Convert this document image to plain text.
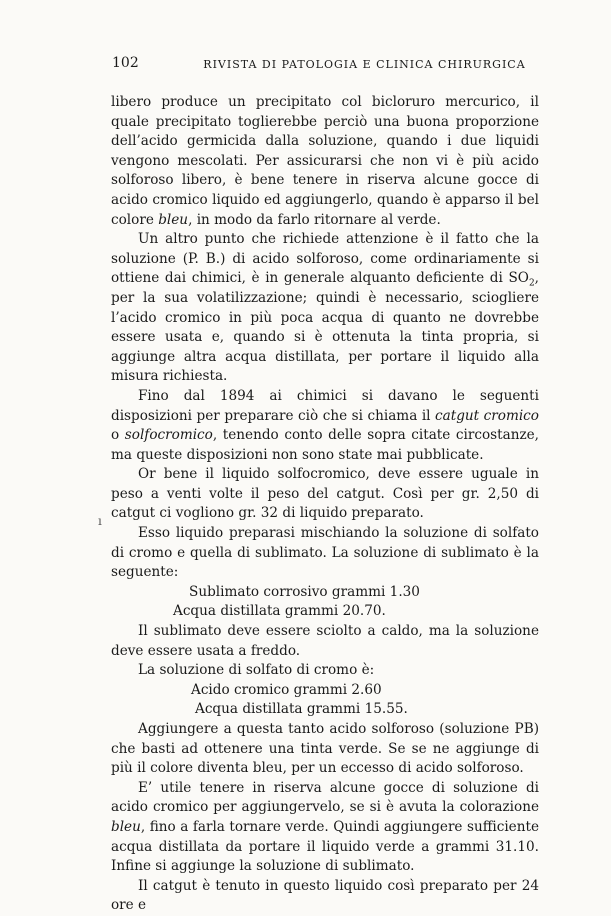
102	RIVISTA DI PATOLOGIA E CLINICA CHIRURGICA
ı

libero produce un precipitato col bicloruro mercurico, il quale precipitato toglierebbe perciò una buona proporzione dell’acido germicida dalla soluzione, quando i due liquidi vengono mescolati. Per assicurarsi che non vi è più acido solforoso libero, è bene tenere in riserva alcune gocce di acido cromico liquido ed aggiungerlo, quando è apparso il bel colore bleu, in modo da farlo ritornare al verde.

Un altro punto che richiede attenzione è il fatto che la soluzione (P. B.) di acido solforoso, come ordinariamente si ottiene dai chimici, è in generale alquanto deficiente di $SO_2$, per la sua volatilizzazione; quindi è necessario, sciogliere l’acido cromico in più poca acqua di quanto ne dovrebbe essere usata e, quando si è ottenuta la tinta propria, si aggiunge altra acqua distillata, per portare il liquido alla misura richiesta.

Fino dal 1894 ai chimici si davano le seguenti disposizioni per preparare ciò che si chiama il catgut cromico o solfocromico, tenendo conto delle sopra citate circostanze, ma queste disposizioni non sono state mai pubblicate.

Or bene il liquido solfocromico, deve essere uguale in peso a venti volte il peso del catgut. Così per gr. 2,50 di catgut ci vogliono gr. 32 di liquido preparato.

Esso liquido preparasi mischiando la soluzione di solfato di cromo e quella di sublimato. La soluzione di sublimato è la seguente:

Sublimato corrosivo grammi 1.30

Acqua distillata grammi 20.70.

Il sublimato deve essere sciolto a caldo, ma la soluzione deve essere usata a freddo.

La soluzione di solfato di cromo è:

Acido cromico grammi 2.60

Acqua distillata grammi 15.55.

Aggiungere a questa tanto acido solforoso (soluzione PB) che basti ad ottenere una tinta verde. Se se ne aggiunge di più il colore diventa bleu, per un eccesso di acido solforoso.

E’ utile tenere in riserva alcune gocce di soluzione di acido cromico per aggiungervelo, se si è avuta la colorazione bleu, fino a farla tornare verde. Quindi aggiungere sufficiente acqua distillata da portare il liquido verde a grammi 31.10. Infine si aggiunge la soluzione di sublimato.

Il catgut è tenuto in questo liquido così preparato per 24 ore e
